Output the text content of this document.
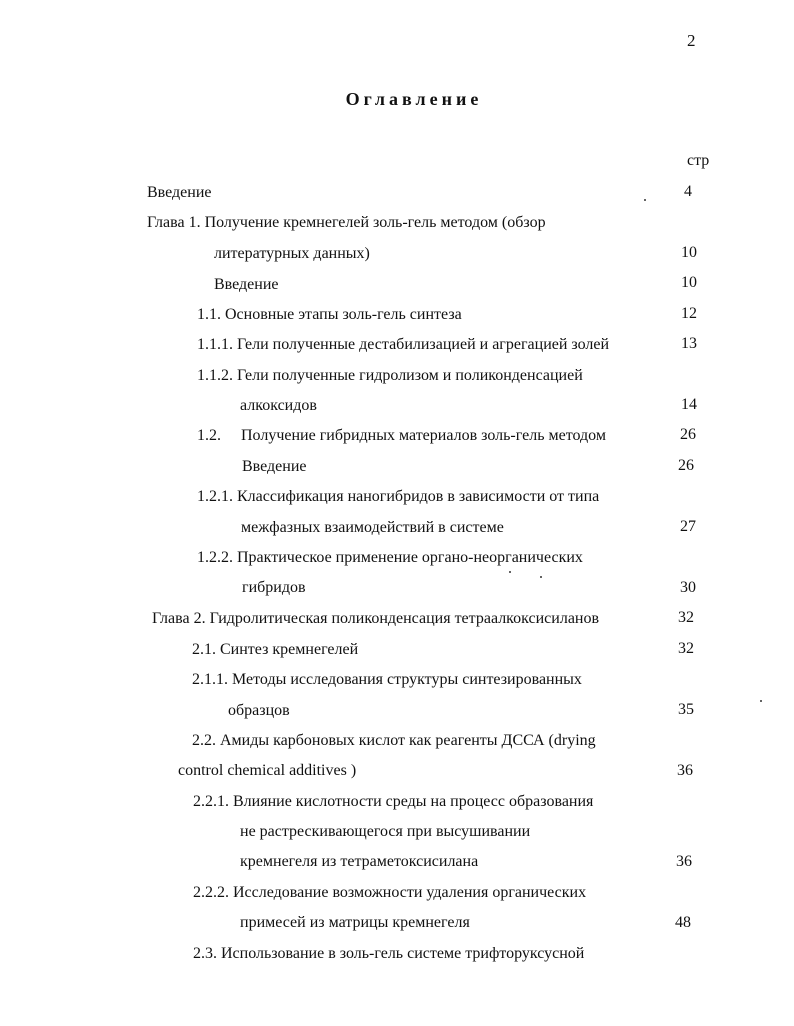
2
Оглавление
стр
Введение	4
Глава 1. Получение кремнегелей золь-гель методом (обзор
литературных данных)	10
Введение	10
1.1. Основные этапы золь-гель синтеза	12
1.1.1. Гели полученные дестабилизацией и агрегацией золей	13
1.1.2. Гели полученные гидролизом и поликонденсацией
алкоксидов	14
1.2. Получение гибридных материалов золь-гель методом	26
Введение	26
1.2.1. Классификация наногибридов в зависимости от типа
межфазных взаимодействий в системе	27
1.2.2. Практическое применение органо-неорганических
гибридов	30
Глава 2. Гидролитическая поликонденсация тетраалкоксисиланов	32
2.1. Синтез кремнегелей	32
2.1.1. Методы исследования структуры синтезированных
образцов	35
2.2. Амиды карбоновых кислот как реагенты ДССА (drying
control chemical additives )	36
2.2.1. Влияние кислотности среды на процесс образования
не растрескивающегося при высушивании
кремнегеля из тетраметоксисилана	36
2.2.2. Исследование возможности удаления органических
примесей из матрицы кремнегеля	48
2.3. Использование в золь-гель системе трифторуксусной
